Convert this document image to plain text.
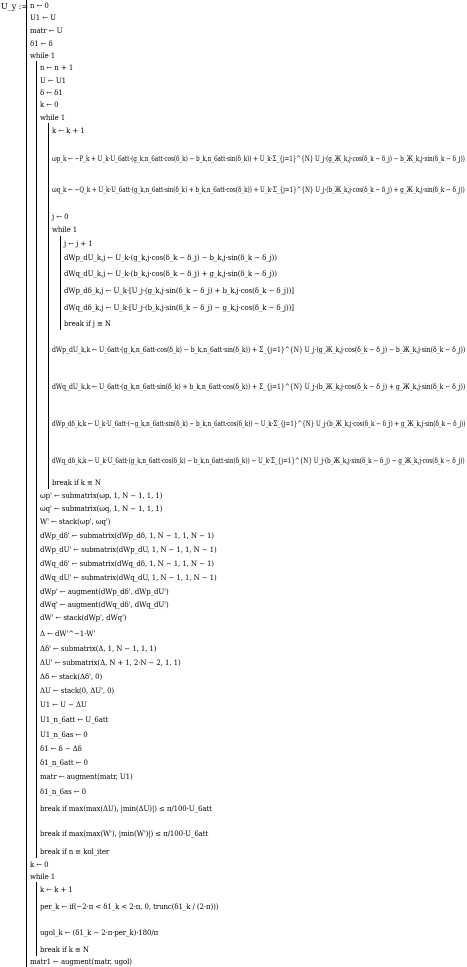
U_y := n ← 0
U1 ← U
matr ← U
δ1 ← δ
while 1
n ← n + 1
U ← U1
δ ← δ1
k ← 0
while 1
k ← k + 1
ωp_k ← −P_k + U_k·U_6att·(g_k,n_6att·cos(δ_k) − b_k,n_6att·sin(δ_k)) + U_k·Σ_{j=1}^{N} U_j·(g_Ж_k,j·cos(δ_k − δ_j) − b_Ж_k,j·sin(δ_k − δ_j))
ωq_k ← −Q_k + U_k·U_6att·(g_k,n_6att·sin(δ_k) + b_k,n_6att·cos(δ_k)) + U_k·Σ_{j=1}^{N} U_j·(b_Ж_k,j·cos(δ_k − δ_j) + g_Ж_k,j·sin(δ_k − δ_j))
j ← 0
while 1
j ← j + 1
dWp_dU_k,j ← U_k·(g_k,j·cos(δ_k − δ_j) − b_k,j·sin(δ_k − δ_j))
dWq_dU_k,j ← U_k·(b_k,j·cos(δ_k − δ_j) + g_k,j·sin(δ_k − δ_j))
dWp_dδ_k,j ← U_k·[U_j·(g_k,j·sin(δ_k − δ_j) + b_k,j·cos(δ_k − δ_j))]
dWq_dδ_k,j ← U_k·[U_j·(b_k,j·sin(δ_k − δ_j) − g_k,j·cos(δ_k − δ_j))]
break if j ≡ N
dWp_dU_k,k ← U_6att·(g_k,n_6att·cos(δ_k) − b_k,n_6att·sin(δ_k)) + Σ_{j=1}^{N} U_j·(g_Ж_k,j·cos(δ_k − δ_j) − b_Ж_k,j·sin(δ_k − δ_j))
dWq_dU_k,k ← U_6att·(g_k,n_6att·sin(δ_k) + b_k,n_6att·cos(δ_k)) + Σ_{j=1}^{N} U_j·(b_Ж_k,j·cos(δ_k − δ_j) + g_Ж_k,j·sin(δ_k − δ_j))
dWp_dδ_k,k ← U_k·U_6att·(−g_k,n_6att·sin(δ_k) − b_k,n_6att·cos(δ_k)) − U_k·Σ_{j=1}^{N} U_j·(b_Ж_k,j·cos(δ_k − δ_j) + g_Ж_k,j·sin(δ_k − δ_j))
dWq_dδ_k,k ← U_k·U_6att·(g_k,n_6att·cos(δ_k) − b_k,n_6att·sin(δ_k)) − U_k·Σ_{j=1}^{N} U_j·(b_Ж_k,j·sin(δ_k − δ_j) − g_Ж_k,j·cos(δ_k − δ_j))
break if k ≡ N
ωp' ← submatrix(ωp, 1, N − 1, 1, 1)
ωq' ← submatrix(ωq, 1, N − 1, 1, 1)
W' ← stack(ωp', ωq')
dWp_dδ' ← submatrix(dWp_dδ, 1, N − 1, 1, N − 1)
dWp_dU' ← submatrix(dWp_dU, 1, N − 1, 1, N − 1)
dWq_dδ' ← submatrix(dWq_dδ, 1, N − 1, 1, N − 1)
dWq_dU' ← submatrix(dWq_dU, 1, N − 1, 1, N − 1)
dWp' ← augment(dWp_dδ', dWp_dU')
dWq' ← augment(dWq_dδ', dWq_dU')
dW' ← stack(dWp', dWq')
Δ ← dW'^−1·W'
Δδ' ← submatrix(Δ, 1, N − 1, 1, 1)
ΔU' ← submatrix(Δ, N + 1, 2·N − 2, 1, 1)
Δδ ← stack(Δδ', 0)
ΔU ← stack(0, ΔU', 0)
U1 ← U − ΔU
U1_n_6att ← U_6att
U1_n_6as ← 0
δ1 ← δ − Δδ
δ1_n_6att ← 0
matr ← augment(matr, U1)
δ1_n_6as ← 0
break if max(max(ΔU), |min(ΔU)|) ≤ π/100·U_6att
break if max(max(W'), |min(W')|) ≤ π/100·U_6att
break if n ≡ kol_iter
k ← 0
while 1
k ← k + 1
per_k ← if(−2·π < δ1_k < 2·π, 0, trunc(δ1_k / (2·π)))
ugol_k ← (δ1_k − 2·π·per_k)·180/π
break if k ≡ N
matr1 ← augment(matr, ugol)
